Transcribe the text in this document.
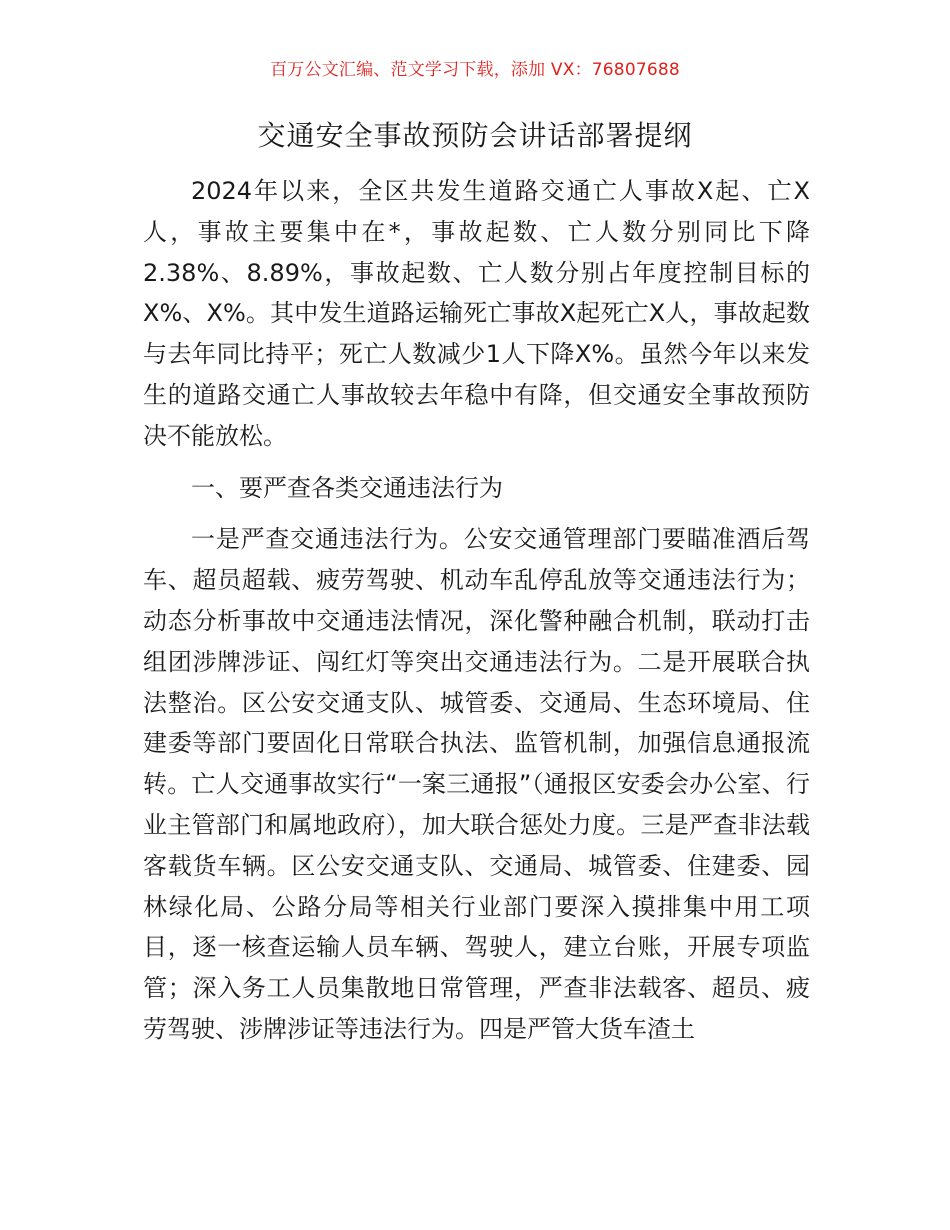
百万公文汇编、范文学习下载，添加 VX：76807688
交通安全事故预防会讲话部署提纲

2024年以来，全区共发生道路交通亡人事故X起、亡X人，事故主要集中在*，事故起数、亡人数分别同比下降2.38%、8.89%，事故起数、亡人数分别占年度控制目标的X%、X%。其中发生道路运输死亡事故X起死亡X人，事故起数与去年同比持平；死亡人数减少1人下降X%。虽然今年以来发生的道路交通亡人事故较去年稳中有降，但交通安全事故预防决不能放松。

一、要严查各类交通违法行为

一是严查交通违法行为。公安交通管理部门要瞄准酒后驾车、超员超载、疲劳驾驶、机动车乱停乱放等交通违法行为；动态分析事故中交通违法情况，深化警种融合机制，联动打击组团涉牌涉证、闯红灯等突出交通违法行为。二是开展联合执法整治。区公安交通支队、城管委、交通局、生态环境局、住建委等部门要固化日常联合执法、监管机制，加强信息通报流转。亡人交通事故实行“一案三通报”（通报区安委会办公室、行业主管部门和属地政府），加大联合惩处力度。三是严查非法载客载货车辆。区公安交通支队、交通局、城管委、住建委、园林绿化局、公路分局等相关行业部门要深入摸排集中用工项目，逐一核查运输人员车辆、驾驶人，建立台账，开展专项监管；深入务工人员集散地日常管理，严查非法载客、超员、疲劳驾驶、涉牌涉证等违法行为。四是严管大货车渣土
